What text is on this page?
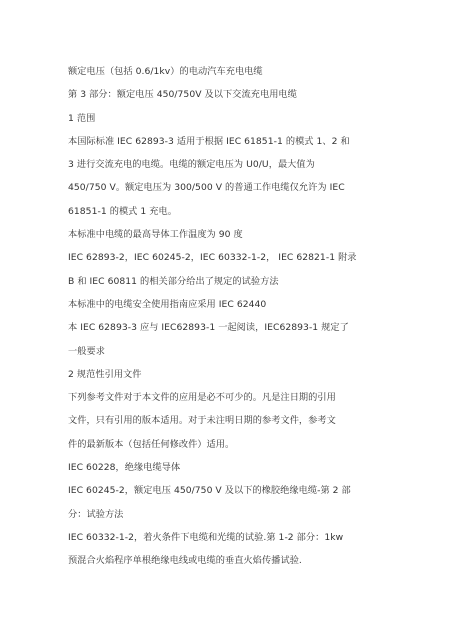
额定电压（包括 0.6/1kv）的电动汽车充电电缆
第 3 部分：额定电压 450/750V 及以下交流充电用电缆
1 范围
本国际标准 IEC 62893-3 适用于根据 IEC 61851-1 的模式 1、2 和
3 进行交流充电的电缆。电缆的额定电压为 U0/U，最大值为
450/750 V。额定电压为 300/500 V 的普通工作电缆仅允许为 IEC
61851-1 的模式 1 充电。
本标准中电缆的最高导体工作温度为 90 度
IEC 62893-2，IEC 60245-2，IEC 60332-1-2， IEC 62821-1 附录
B 和 IEC 60811 的相关部分给出了规定的试验方法
本标准中的电缆安全使用指南应采用 IEC 62440
本 IEC 62893-3 应与 IEC62893-1 一起阅读，IEC62893-1 规定了
一般要求
2 规范性引用文件
下列参考文件对于本文件的应用是必不可少的。凡是注日期的引用
文件，只有引用的版本适用。对于未注明日期的参考文件，参考文
件的最新版本（包括任何修改件）适用。
IEC 60228，绝缘电缆导体
IEC 60245-2，额定电压 450/750 V 及以下的橡胶绝缘电缆-第 2 部
分：试验方法
IEC 60332-1-2，着火条件下电缆和光缆的试验.第 1-2 部分：1kw
预混合火焰程序单根绝缘电线或电缆的垂直火焰传播试验.
